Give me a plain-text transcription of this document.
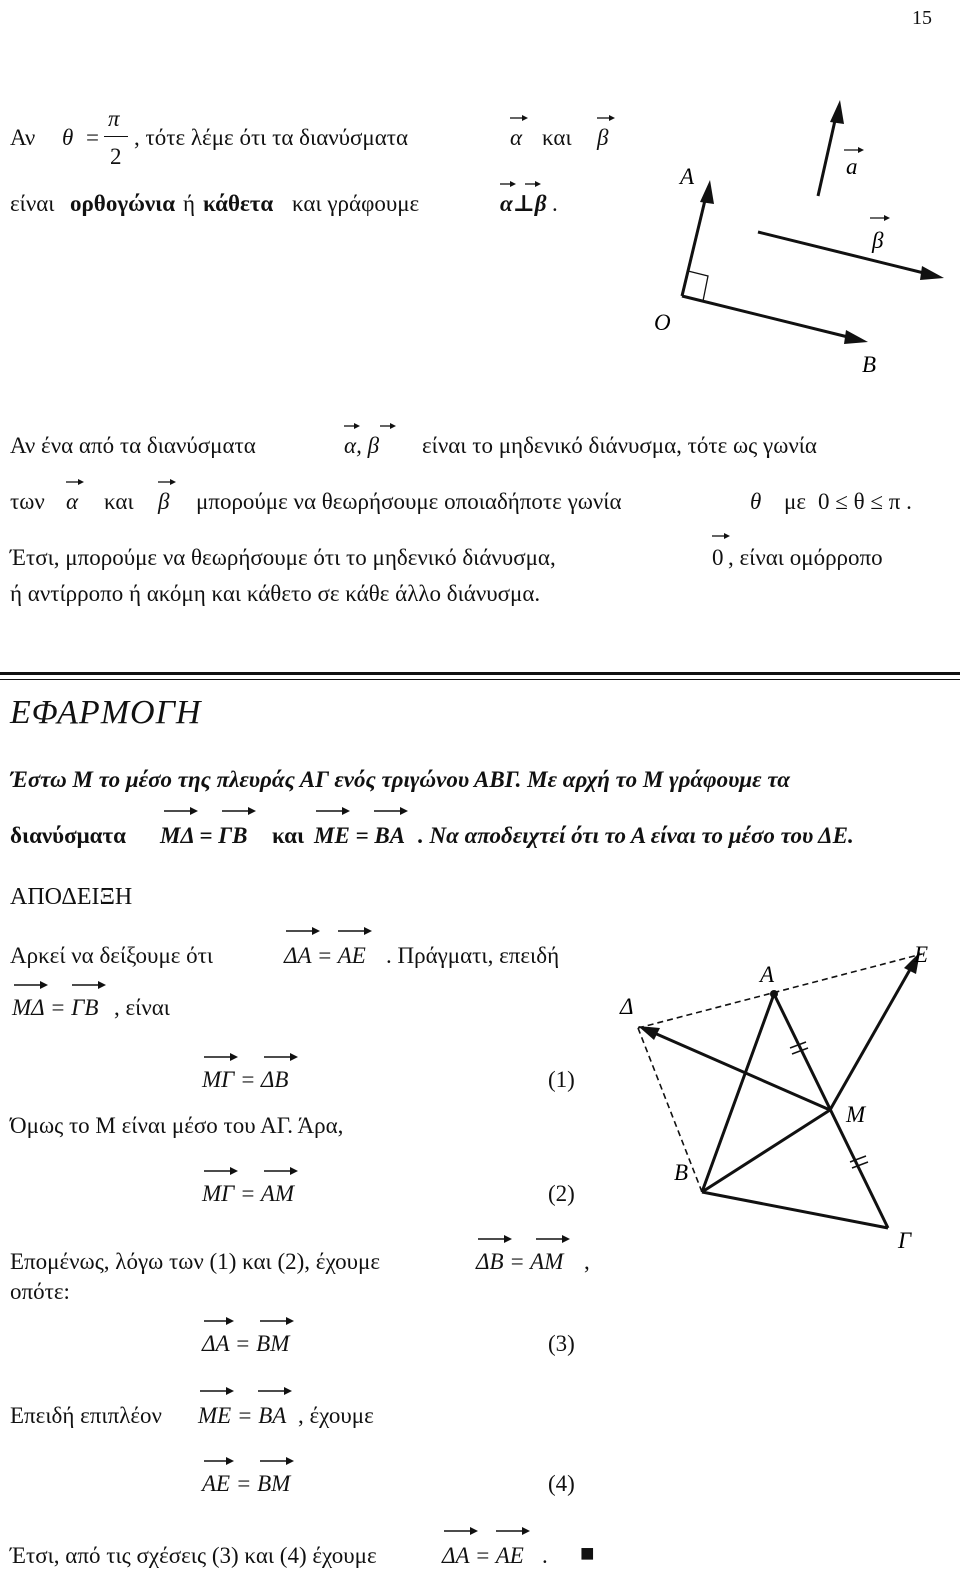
15
Αν θ =
π
2
, τότε λέμε ότι τα διανύσματα	α και β
είναι ορθογώνια ή κάθετα και γράφουμε	α⊥β .
A	a
β
O
B
Αν ένα από τα διανύσματα	α, β είναι το μηδενικό διάνυσμα, τότε ως γωνία
των α και β μπορούμε να θεωρήσουμε οποιαδήποτε γωνία	θ με 0 ≤ θ ≤ π .
Έτσι, μπορούμε να θεωρήσουμε ότι το μηδενικό διάνυσμα,	0 , είναι ομόρροπο
ή αντίρροπο ή ακόμη και κάθετο σε κάθε άλλο διάνυσμα.
ΕΦΑΡΜΟΓΗ
Έστω Μ το μέσο της πλευράς ΑΓ ενός τριγώνου ΑΒΓ. Με αρχή το Μ γράφουμε τα
διανύσματα ΜΔ = ΓΒ και ΜΕ = ΒΑ . Να αποδειχτεί ότι το Α είναι το μέσο του ΔΕ.
ΑΠΟΔΕΙΞΗ
Αρκεί να δείξουμε ότι	ΔΑ = ΑΕ . Πράγματι, επειδή
ΜΔ = ΓΒ , είναι
ΜΓ = ΔΒ	(1)
Όμως το Μ είναι μέσο του ΑΓ. Άρα,
ΜΓ = ΑΜ	(2)
Επομένως, λόγω των (1) και (2), έχουμε	ΔΒ = ΑΜ ,
οπότε:
ΔΑ = ΒΜ	(3)
Επειδή επιπλέον ΜΕ = ΒΑ , έχουμε
ΑΕ = ΒΜ	(4)
Έτσι, από τις σχέσεις (3) και (4) έχουμε	ΔΑ = ΑΕ . ■
A
E
Δ
M
B
Γ
